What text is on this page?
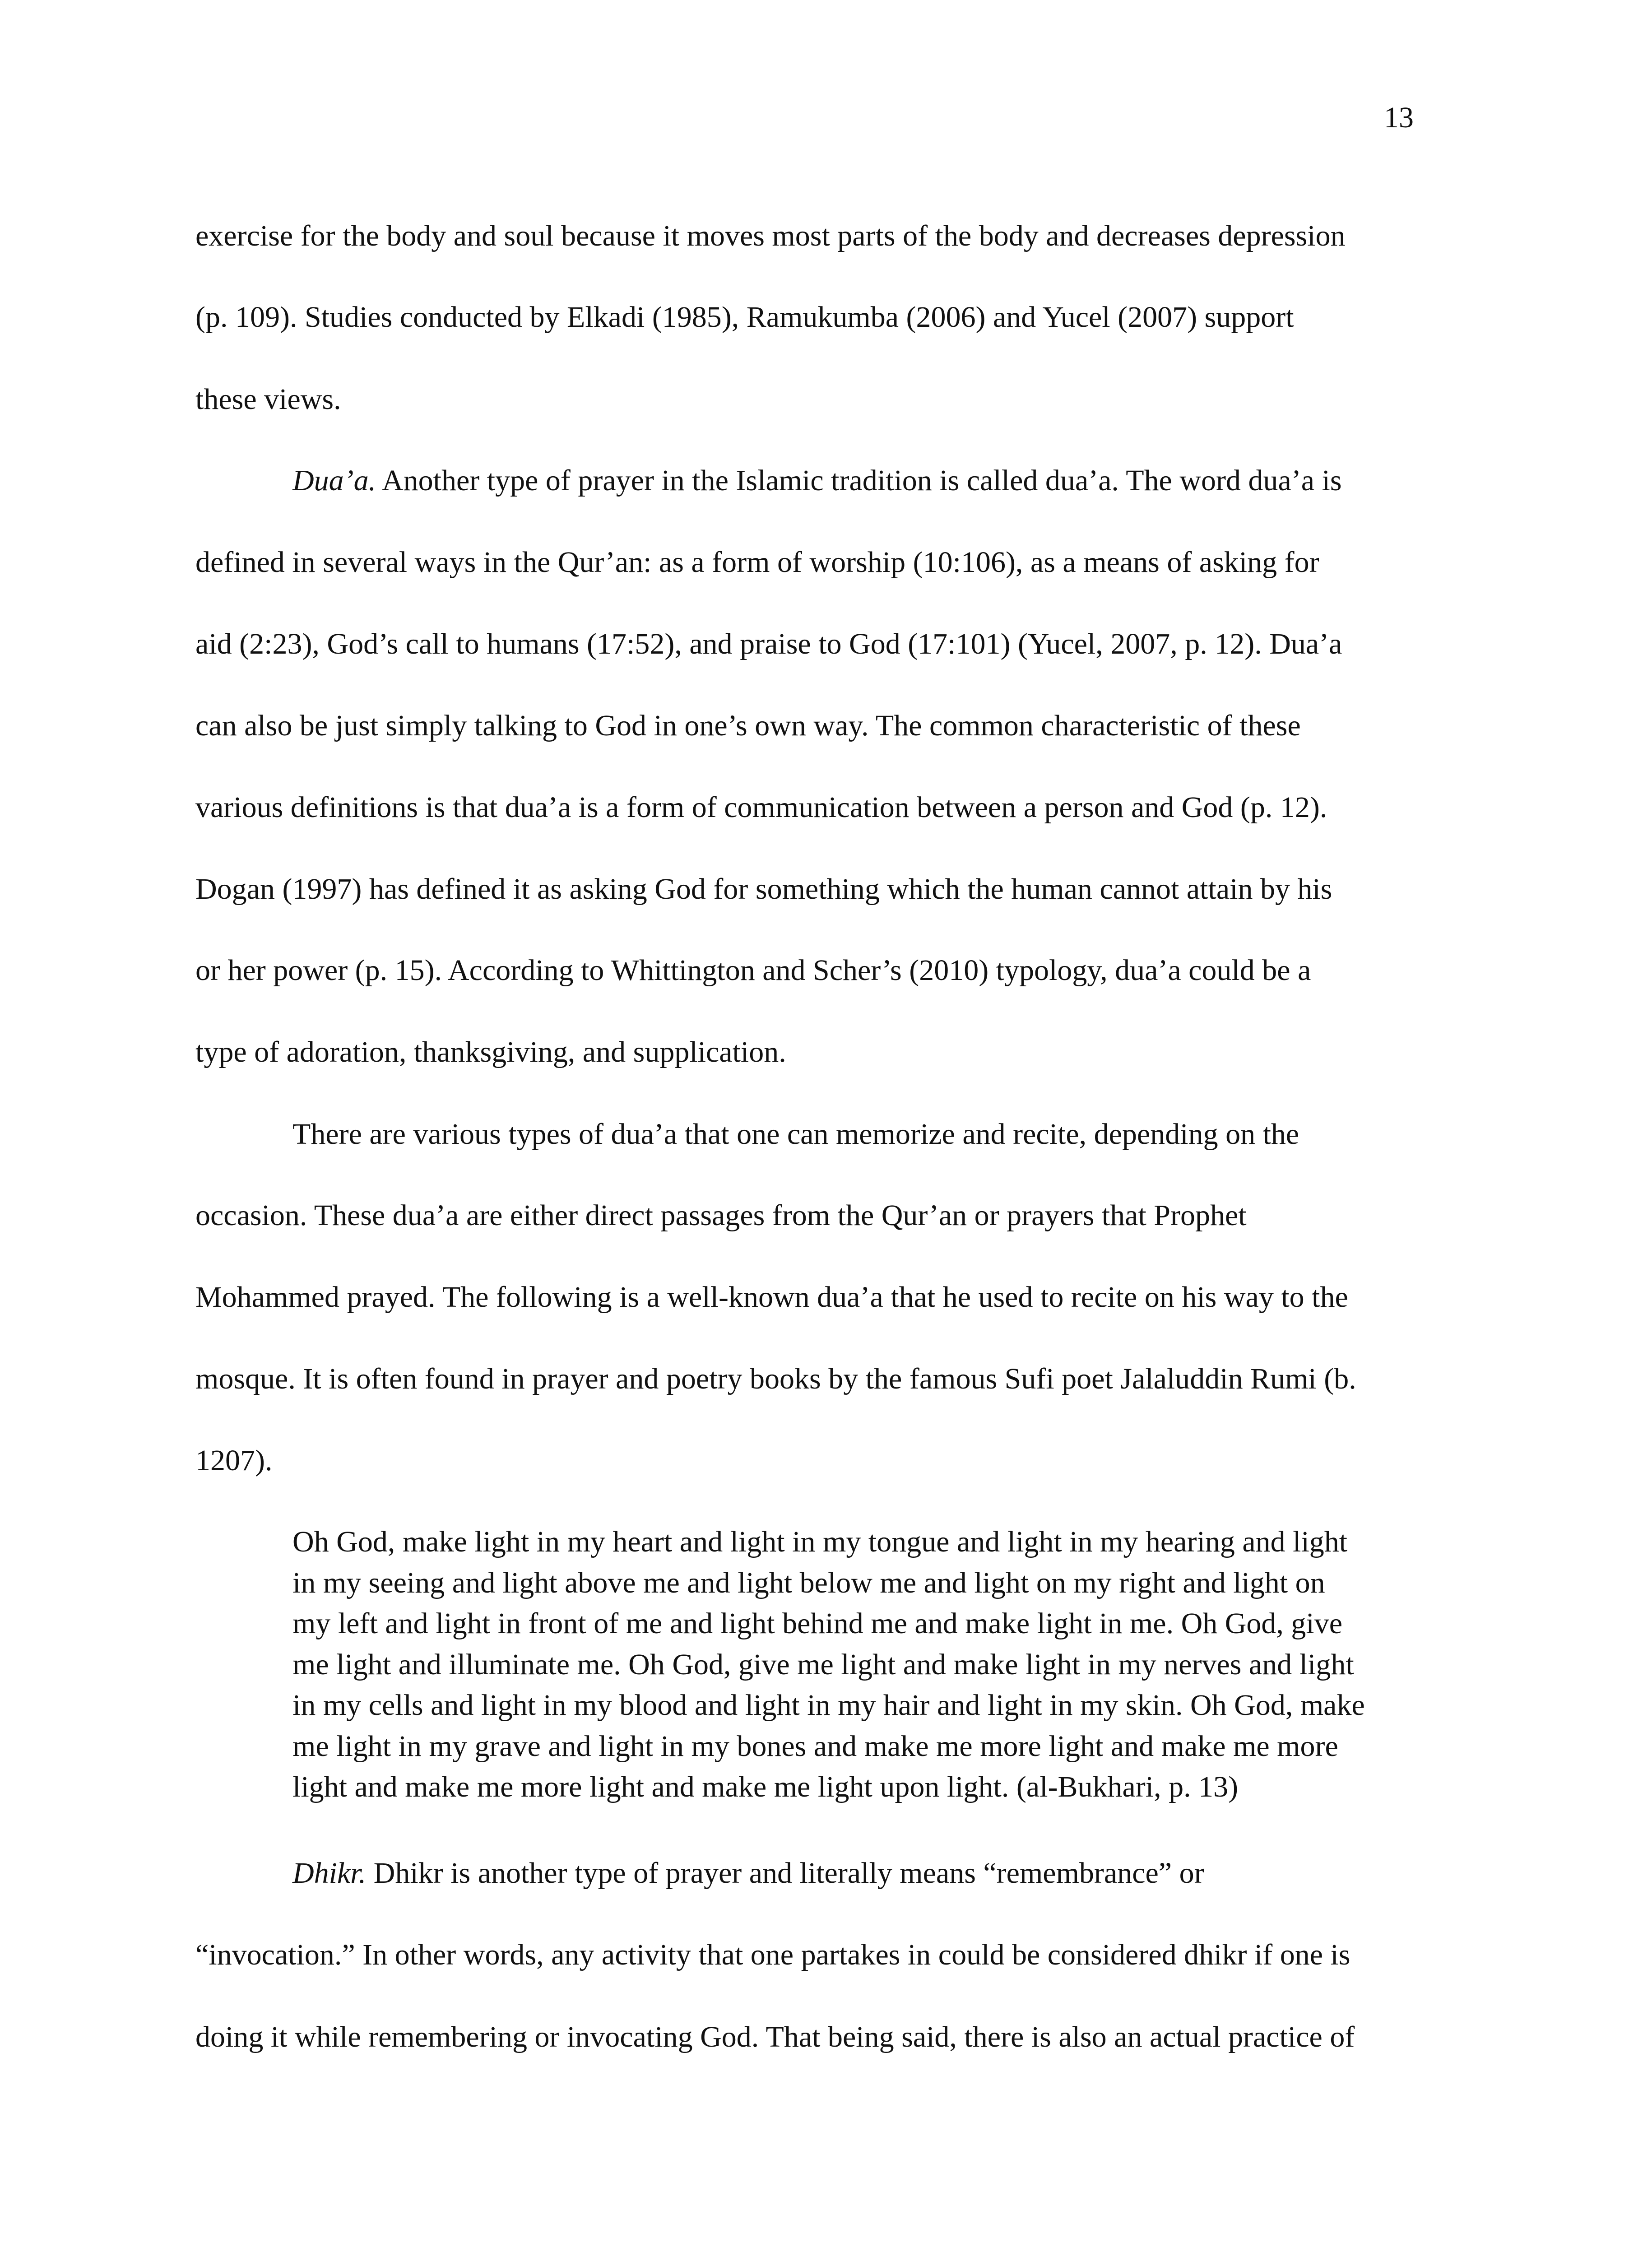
13
exercise for the body and soul because it moves most parts of the body and decreases depression
(p. 109). Studies conducted by Elkadi (1985), Ramukumba (2006) and Yucel (2007) support
these views.
Dua’a. Another type of prayer in the Islamic tradition is called dua’a. The word dua’a is
defined in several ways in the Qur’an: as a form of worship (10:106), as a means of asking for
aid (2:23), God’s call to humans (17:52), and praise to God (17:101) (Yucel, 2007, p. 12). Dua’a
can also be just simply talking to God in one’s own way. The common characteristic of these
various definitions is that dua’a is a form of communication between a person and God (p. 12).
Dogan (1997) has defined it as asking God for something which the human cannot attain by his
or her power (p. 15). According to Whittington and Scher’s (2010) typology, dua’a could be a
type of adoration, thanksgiving, and supplication.
There are various types of dua’a that one can memorize and recite, depending on the
occasion. These dua’a are either direct passages from the Qur’an or prayers that Prophet
Mohammed prayed. The following is a well-known dua’a that he used to recite on his way to the
mosque. It is often found in prayer and poetry books by the famous Sufi poet Jalaluddin Rumi (b.
1207).
Oh God, make light in my heart and light in my tongue and light in my hearing and light
in my seeing and light above me and light below me and light on my right and light on
my left and light in front of me and light behind me and make light in me. Oh God, give
me light and illuminate me. Oh God, give me light and make light in my nerves and light
in my cells and light in my blood and light in my hair and light in my skin. Oh God, make
me light in my grave and light in my bones and make me more light and make me more
light and make me more light and make me light upon light. (al-Bukhari, p. 13)
Dhikr. Dhikr is another type of prayer and literally means “remembrance” or
“invocation.” In other words, any activity that one partakes in could be considered dhikr if one is
doing it while remembering or invocating God. That being said, there is also an actual practice of
